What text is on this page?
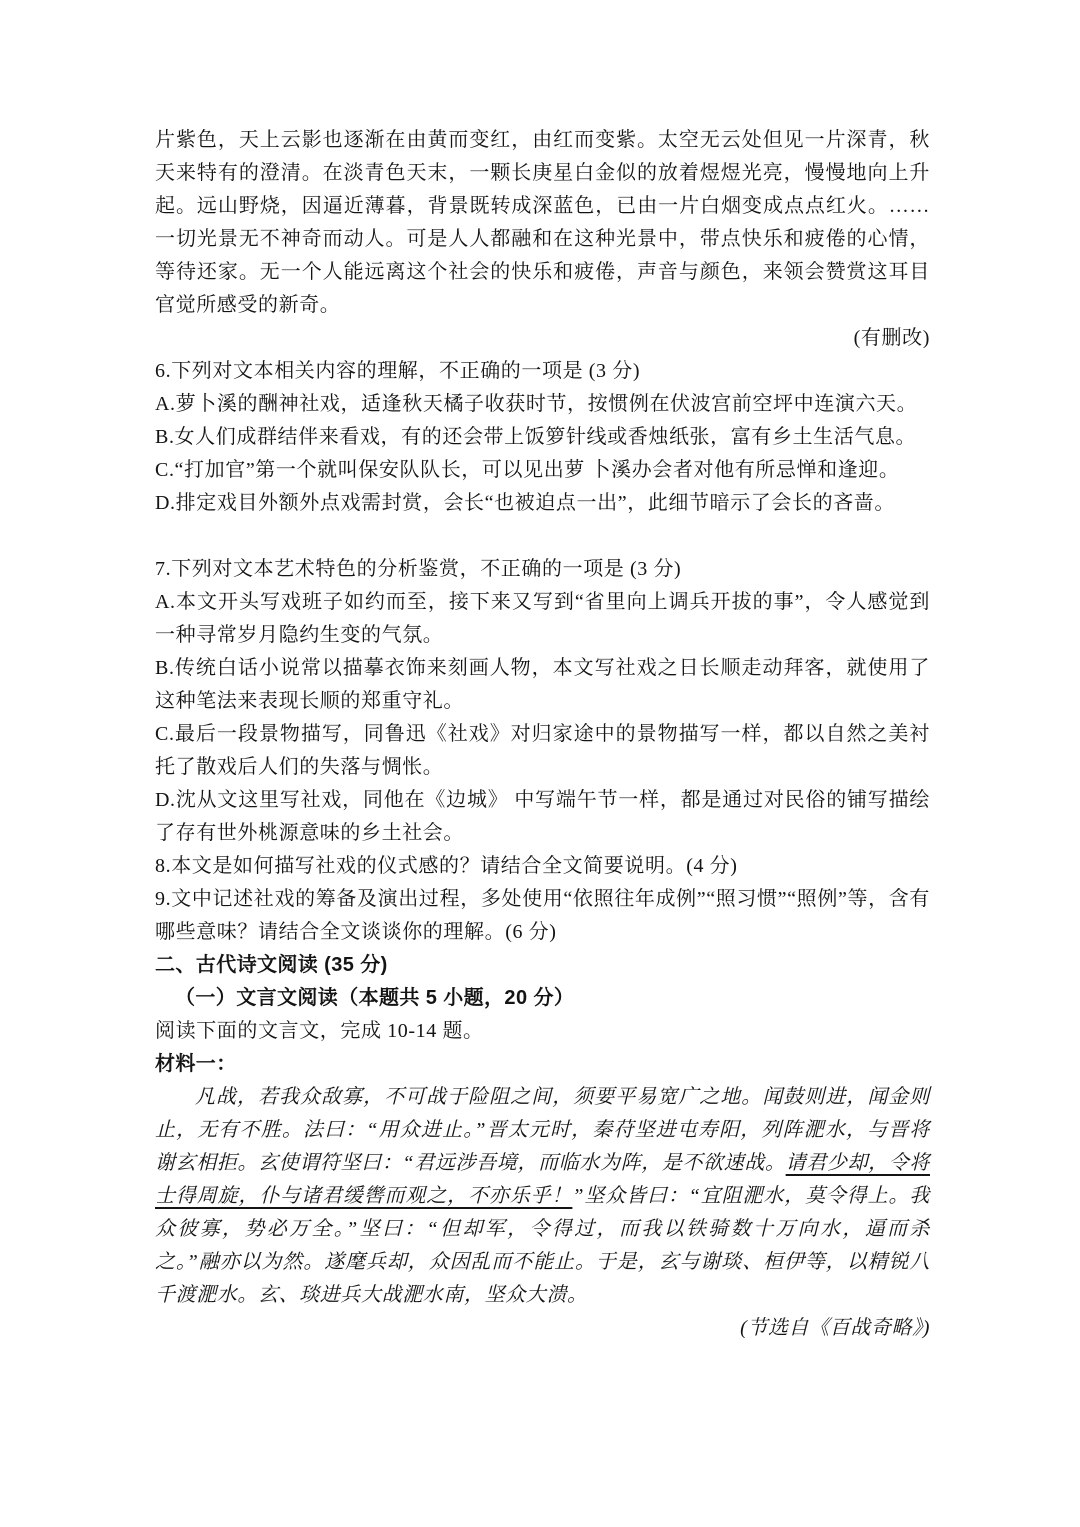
片紫色，天上云影也逐渐在由黄而变红，由红而变紫。太空无云处但见一片深青，秋天来特有的澄清。在淡青色天末，一颗长庚星白金似的放着煜煜光亮，慢慢地向上升起。远山野烧，因逼近薄暮，背景既转成深蓝色，已由一片白烟变成点点红火。……一切光景无不神奇而动人。可是人人都融和在这种光景中，带点快乐和疲倦的心情，等待还家。无一个人能远离这个社会的快乐和疲倦，声音与颜色，来领会赞赏这耳目官觉所感受的新奇。

(有删改)

6.下列对文本相关内容的理解，不正确的一项是 (3 分)

A.萝卜溪的酬神社戏，适逢秋天橘子收获时节，按惯例在伏波宫前空坪中连演六天。

B.女人们成群结伴来看戏，有的还会带上饭箩针线或香烛纸张，富有乡土生活气息。

C.“打加官”第一个就叫保安队队长，可以见出萝 卜溪办会者对他有所忌惮和逢迎。

D.排定戏目外额外点戏需封赏，会长“也被迫点一出”，此细节暗示了会长的吝啬。

7.下列对文本艺术特色的分析鉴赏，不正确的一项是 (3 分)

A.本文开头写戏班子如约而至，接下来又写到“省里向上调兵开拔的事”，令人感觉到一种寻常岁月隐约生变的气氛。

B.传统白话小说常以描摹衣饰来刻画人物，本文写社戏之日长顺走动拜客，就使用了这种笔法来表现长顺的郑重守礼。

C.最后一段景物描写，同鲁迅《社戏》对归家途中的景物描写一样，都以自然之美衬托了散戏后人们的失落与惆怅。

D.沈从文这里写社戏，同他在《边城》 中写端午节一样，都是通过对民俗的铺写描绘了存有世外桃源意味的乡土社会。

8.本文是如何描写社戏的仪式感的？请结合全文简要说明。(4 分)

9.文中记述社戏的筹备及演出过程，多处使用“依照往年成例”“照习惯”“照例”等，含有哪些意味？请结合全文谈谈你的理解。(6 分)

二、古代诗文阅读 (35 分)

（一）文言文阅读（本题共 5 小题，20 分）

阅读下面的文言文，完成 10-14 题。

材料一：

凡战，若我众敌寡，不可战于险阻之间，须要平易宽广之地。闻鼓则进，闻金则止，无有不胜。法曰：“用众进止。”晋太元时，秦苻坚进屯寿阳，列阵淝水，与晋将谢玄相拒。玄使谓符坚曰：“君远涉吾境，而临水为阵，是不欲速战。请君少却，令将士得周旋，仆与诸君缓辔而观之，不亦乐乎！”坚众皆曰：“宜阻淝水，莫令得上。我众彼寡，势必万全。”坚曰：“但却军，令得过，而我以铁骑数十万向水，逼而杀之。”融亦以为然。遂麾兵却，众因乱而不能止。于是，玄与谢琰、桓伊等，以精锐八千渡淝水。玄、琰进兵大战淝水南，坚众大溃。

(节选自《百战奇略》)
